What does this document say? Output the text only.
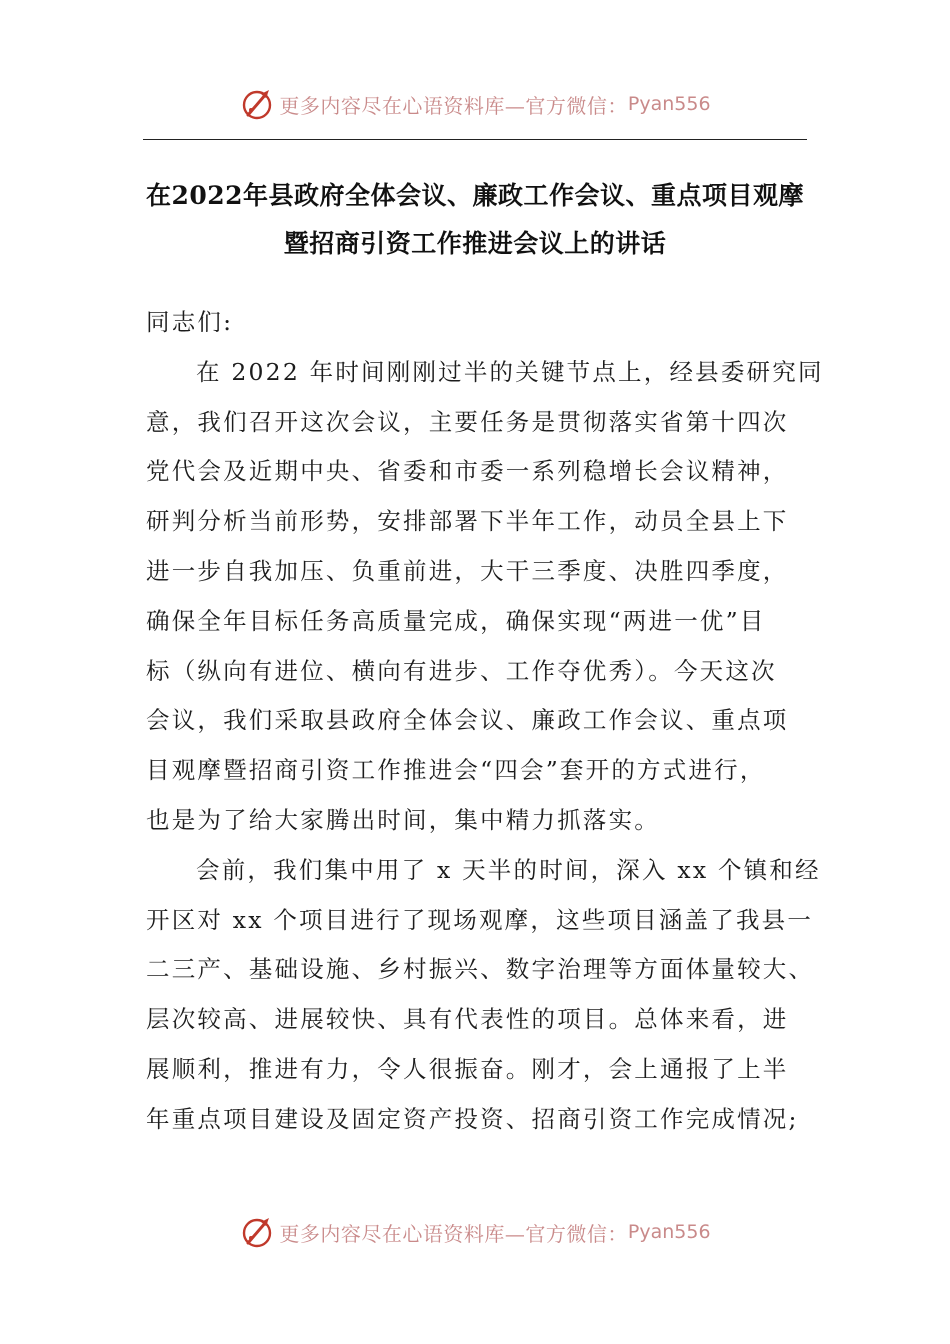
更多内容尽在心语资料库—官方微信： Pyan556
在2022年县政府全体会议、廉政工作会议、重点项目观摩
暨招商引资工作推进会议上的讲话
同志们:
在 2022 年时间刚刚过半的关键节点上，经县委研究同
意，我们召开这次会议，主要任务是贯彻落实省第十四次
党代会及近期中央、省委和市委一系列稳增长会议精神，
研判分析当前形势，安排部署下半年工作，动员全县上下
进一步自我加压、负重前进，大干三季度、决胜四季度，
确保全年目标任务高质量完成，确保实现“两进一优”目
标（纵向有进位、横向有进步、工作夺优秀）。今天这次
会议，我们采取县政府全体会议、廉政工作会议、重点项
目观摩暨招商引资工作推进会“四会”套开的方式进行，
也是为了给大家腾出时间，集中精力抓落实。
会前，我们集中用了 x 天半的时间，深入 xx 个镇和经
开区对 xx 个项目进行了现场观摩，这些项目涵盖了我县一
二三产、基础设施、乡村振兴、数字治理等方面体量较大、
层次较高、进展较快、具有代表性的项目。总体来看，进
展顺利，推进有力，令人很振奋。刚才，会上通报了上半
年重点项目建设及固定资产投资、招商引资工作完成情况;
更多内容尽在心语资料库—官方微信： Pyan556
